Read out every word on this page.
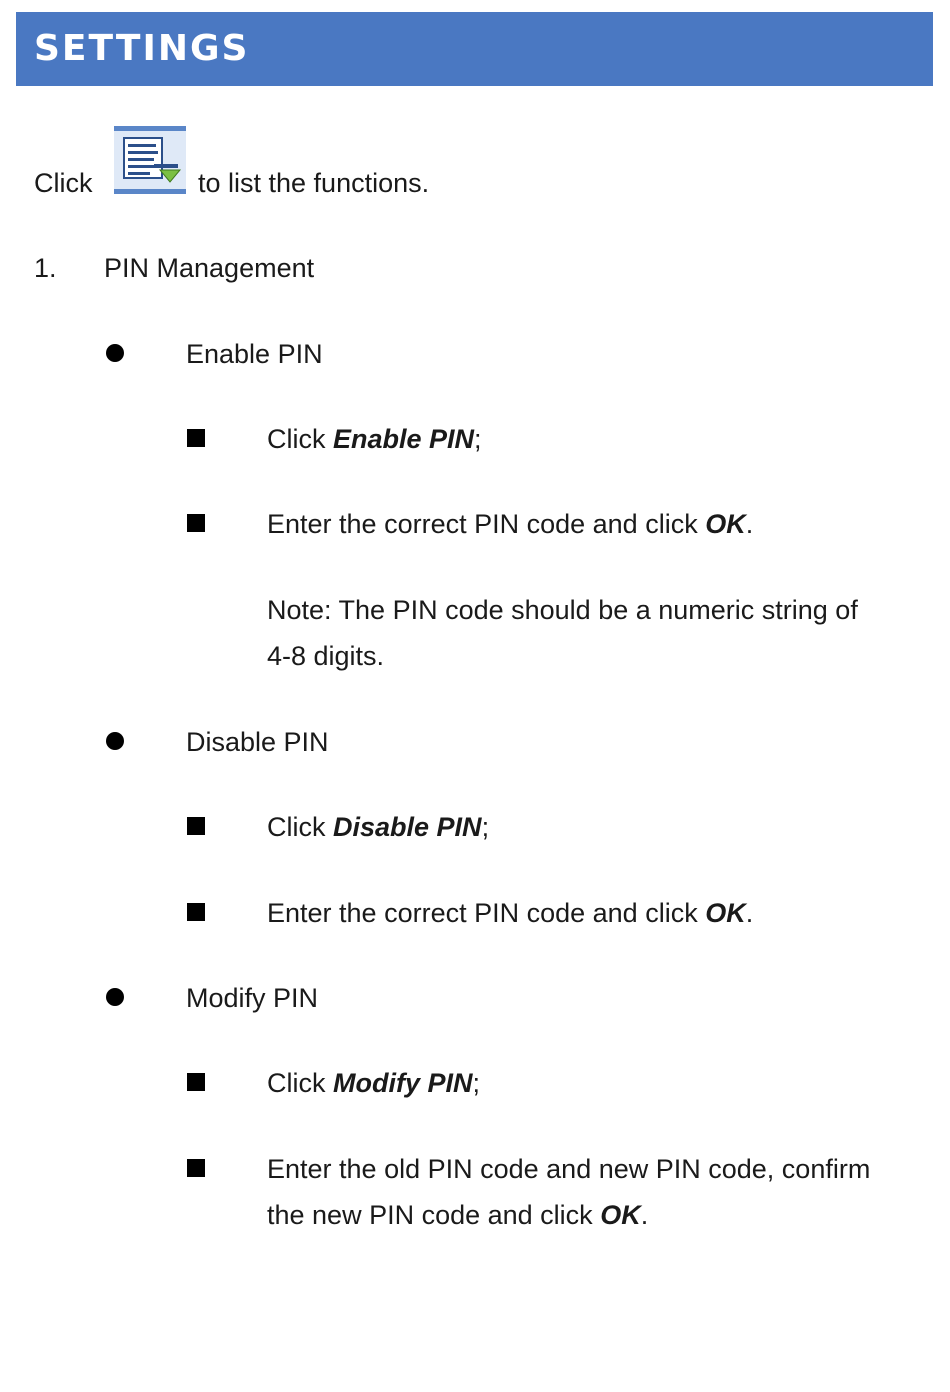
SETTINGS
Click	to list the functions.
1. PIN Management
Enable PIN
Click Enable PIN;
Enter the correct PIN code and click OK.
Note: The PIN code should be a numeric string of
4-8 digits.
Disable PIN
Click Disable PIN;
Enter the correct PIN code and click OK.
Modify PIN
Click Modify PIN;
Enter the old PIN code and new PIN code, confirm
the new PIN code and click OK.
